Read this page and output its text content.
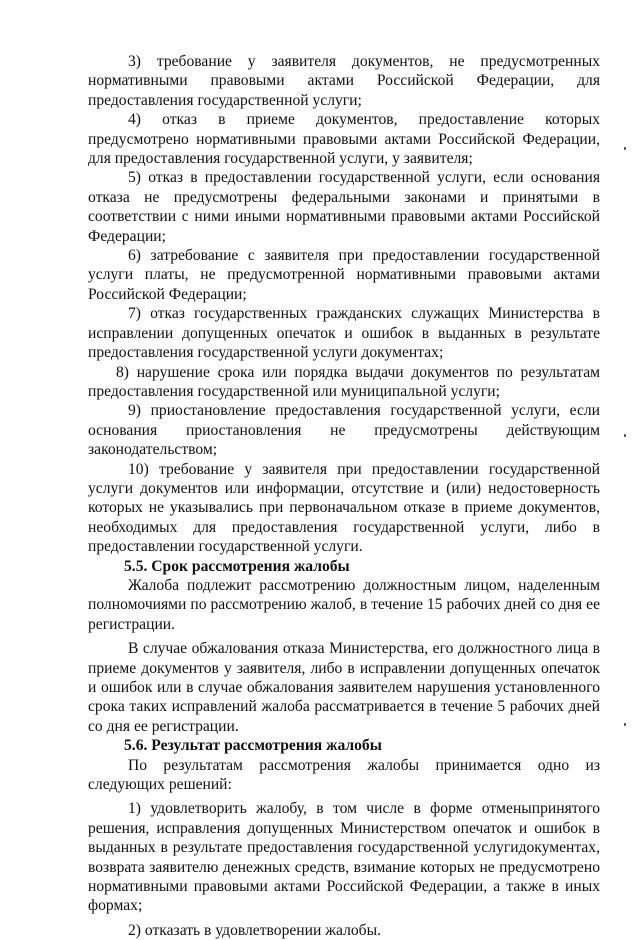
3) требование у заявителя документов, не предусмотренных нормативными правовыми актами Российской Федерации, для предоставления государственной услуги;

4) отказ в приеме документов, предоставление которых предусмотрено нормативными правовыми актами Российской Федерации, для предоставления государственной услуги, у заявителя;

5) отказ в предоставлении государственной услуги, если основания отказа не предусмотрены федеральными законами и принятыми в соответствии с ними иными нормативными правовыми актами Российской Федерации;

6) затребование с заявителя при предоставлении государственной услуги платы, не предусмотренной нормативными правовыми актами Российской Федерации;

7) отказ государственных гражданских служащих Министерства в исправлении допущенных опечаток и ошибок в выданных в результате предоставления государственной услуги документах;

8) нарушение срока или порядка выдачи документов по результатам предоставления государственной или муниципальной услуги;

9) приостановление предоставления государственной услуги, если основания приостановления не предусмотрены действующим законодательством;

10) требование у заявителя при предоставлении государственной услуги документов или информации, отсутствие и (или) недостоверность которых не указывались при первоначальном отказе в приеме документов, необходимых для предоставления государственной услуги, либо в предоставлении государственной услуги.

5.5. Срок рассмотрения жалобы

Жалоба подлежит рассмотрению должностным лицом, наделенным полномочиями по рассмотрению жалоб, в течение 15 рабочих дней со дня ее регистрации.

В случае обжалования отказа Министерства, его должностного лица в приеме документов у заявителя, либо в исправлении допущенных опечаток и ошибок или в случае обжалования заявителем нарушения установленного срока таких исправлений жалоба рассматривается в течение 5 рабочих дней со дня ее регистрации.

5.6. Результат рассмотрения жалобы

По результатам рассмотрения жалобы принимается одно из следующих решений:

1) удовлетворить жалобу, в том числе в форме отменыпринятого решения, исправления допущенных Министерством опечаток и ошибок в выданных в результате предоставления государственной услугидокументах, возврата заявителю денежных средств, взимание которых не предусмотрено нормативными правовыми актами Российской Федерации, а также в иных формах;

2) отказать в удовлетворении жалобы.
